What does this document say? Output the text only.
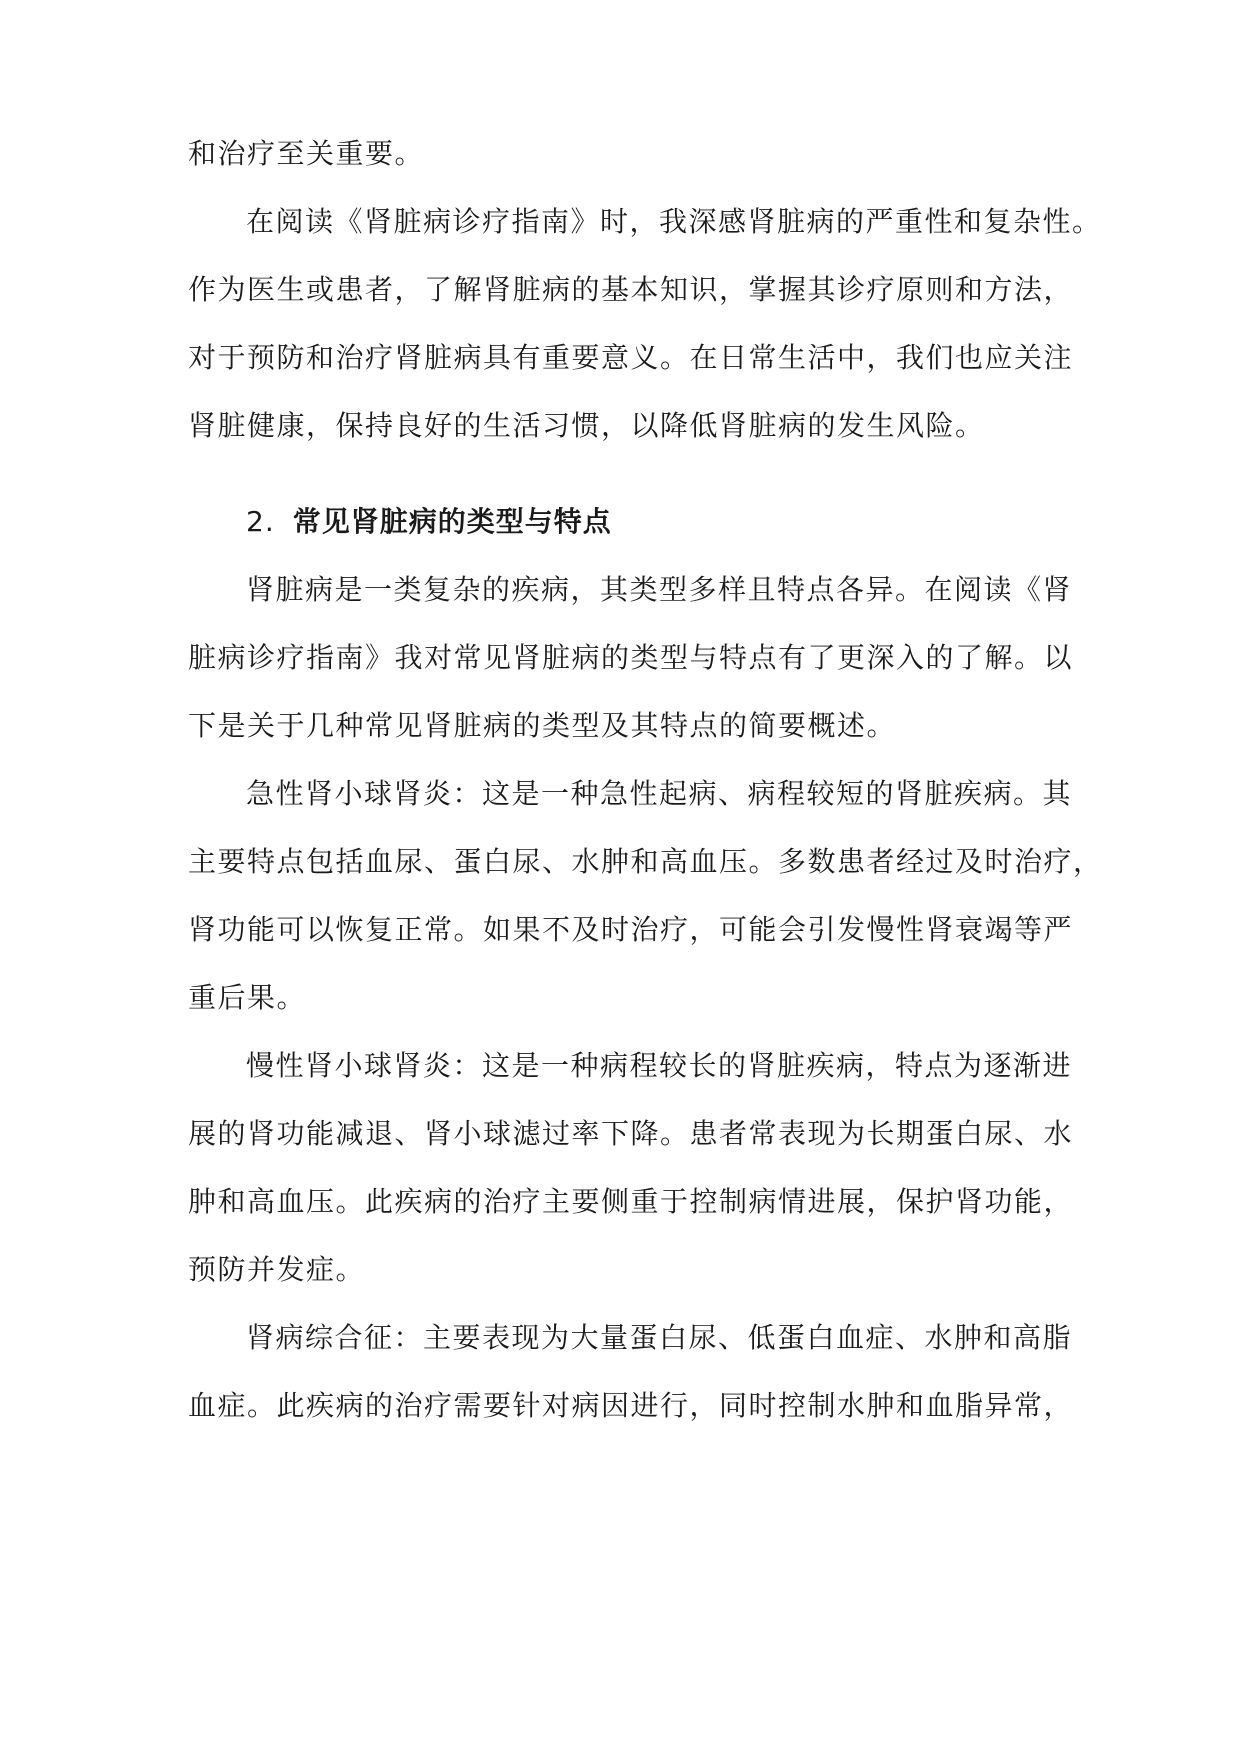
和治疗至关重要。
在阅读《肾脏病诊疗指南》时，我深感肾脏病的严重性和复杂性。
作为医生或患者，了解肾脏病的基本知识，掌握其诊疗原则和方法，
对于预防和治疗肾脏病具有重要意义。在日常生活中，我们也应关注
肾脏健康，保持良好的生活习惯，以降低肾脏病的发生风险。
2. 常见肾脏病的类型与特点
肾脏病是一类复杂的疾病，其类型多样且特点各异。在阅读《肾
脏病诊疗指南》我对常见肾脏病的类型与特点有了更深入的了解。以
下是关于几种常见肾脏病的类型及其特点的简要概述。
急性肾小球肾炎：这是一种急性起病、病程较短的肾脏疾病。其
主要特点包括血尿、蛋白尿、水肿和高血压。多数患者经过及时治疗，
肾功能可以恢复正常。如果不及时治疗，可能会引发慢性肾衰竭等严
重后果。
慢性肾小球肾炎：这是一种病程较长的肾脏疾病，特点为逐渐进
展的肾功能减退、肾小球滤过率下降。患者常表现为长期蛋白尿、水
肿和高血压。此疾病的治疗主要侧重于控制病情进展，保护肾功能，
预防并发症。
肾病综合征：主要表现为大量蛋白尿、低蛋白血症、水肿和高脂
血症。此疾病的治疗需要针对病因进行，同时控制水肿和血脂异常，
